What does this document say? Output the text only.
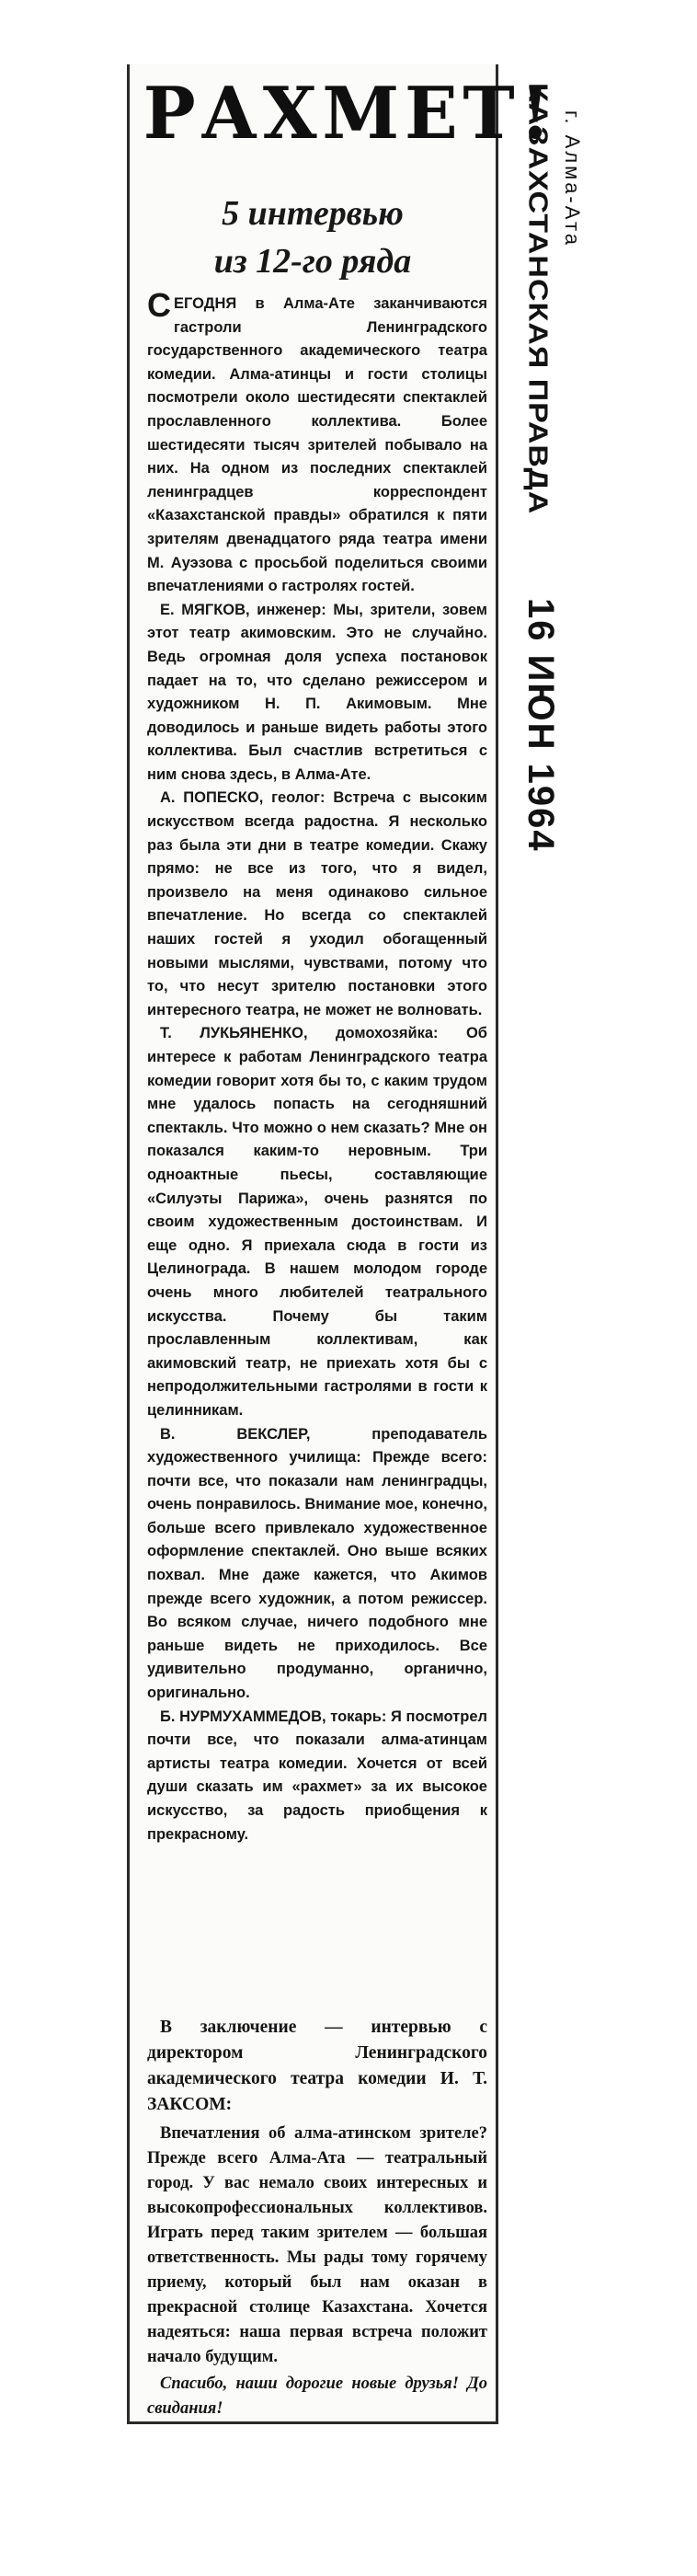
РАХМЕТ!
5 интервью
из 12-го ряда

СЕГОДНЯ в Алма-Ате заканчиваются гастроли Ленинградского государственного академического театра комедии. Алма-атинцы и гости столицы посмотрели около шестидесяти спектаклей прославленного коллектива. Более шестидесяти тысяч зрителей побывало на них. На одном из последних спектаклей ленинградцев корреспондент «Казахстанской правды» обратился к пяти зрителям двенадцатого ряда театра имени М. Ауэзова с просьбой поделиться своими впечатлениями о гастролях гостей.

Е. МЯГКОВ, инженер: Мы, зрители, зовем этот театр акимовским. Это не случайно. Ведь огромная доля успеха постановок падает на то, что сделано режиссером и художником Н. П. Акимовым. Мне доводилось и раньше видеть работы этого коллектива. Был счастлив встретиться с ним снова здесь, в Алма-Ате.

А. ПОПЕСКО, геолог: Встреча с высоким искусством всегда радостна. Я несколько раз была эти дни в театре комедии. Скажу прямо: не все из того, что я видел, произвело на меня одинаково сильное впечатление. Но всегда со спектаклей наших гостей я уходил обогащенный новыми мыслями, чувствами, потому что то, что несут зрителю постановки этого интересного театра, не может не волновать.

Т. ЛУКЬЯНЕНКО, домохозяйка: Об интересе к работам Ленинградского театра комедии говорит хотя бы то, с каким трудом мне удалось попасть на сегодняшний спектакль. Что можно о нем сказать? Мне он показался каким-то неровным. Три одноактные пьесы, составляющие «Силуэты Парижа», очень разнятся по своим художественным достоинствам. И еще одно. Я приехала сюда в гости из Целинограда. В нашем молодом городе очень много любителей театрального искусства. Почему бы таким прославленным коллективам, как акимовский театр, не приехать хотя бы с непродолжительными гастролями в гости к целинникам.

В. ВЕКСЛЕР, преподаватель художественного училища: Прежде всего: почти все, что показали нам ленинградцы, очень понравилось. Внимание мое, конечно, больше всего привлекало художественное оформление спектаклей. Оно выше всяких похвал. Мне даже кажется, что Акимов прежде всего художник, а потом режиссер. Во всяком случае, ничего подобного мне раньше видеть не приходилось. Все удивительно продуманно, органично, оригинально.

Б. НУРМУХАММЕДОВ, токарь: Я посмотрел почти все, что показали алма-атинцам артисты театра комедии. Хочется от всей души сказать им «рахмет» за их высокое искусство, за радость приобщения к прекрасному.

В заключение — интервью с директором Ленинградского академического театра комедии И. Т. ЗАКСОМ:

Впечатления об алма-атинском зрителе? Прежде всего Алма-Ата — театральный город. У вас немало своих интересных и высокопрофессиональных коллективов. Играть перед таким зрителем — большая ответственность. Мы рады тому горячему приему, который был нам оказан в прекрасной столице Казахстана. Хочется надеяться: наша первая встреча положит начало будущим.

Спасибо, наши дорогие новые друзья! До свидания!

КАЗАХСТАНСКАЯ ПРАВДА г. Алма-Ата
16 ИЮН 1964
